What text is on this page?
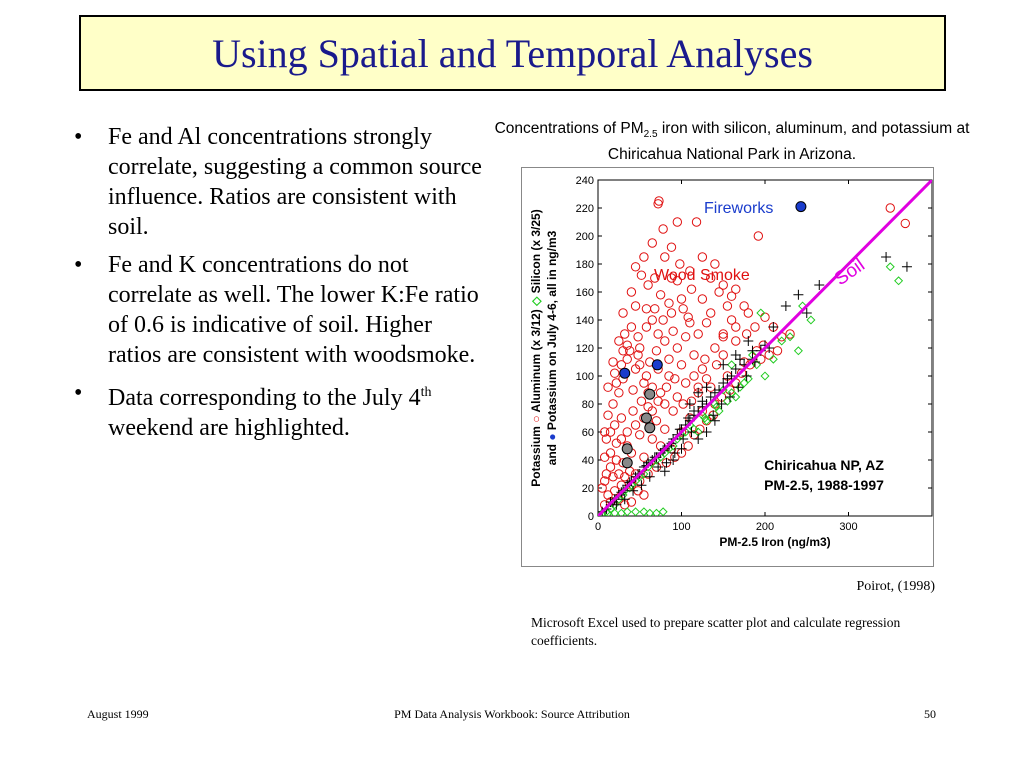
Using Spatial and Temporal Analyses
• Fe and Al concentrations strongly correlate, suggesting a common source influence. Ratios are consistent with soil.
• Fe and K concentrations do not correlate as well. The lower K:Fe ratio of 0.6 is indicative of soil. Higher ratios are consistent with woodsmoke.
• Data corresponding to the July 4th weekend are highlighted.
Concentrations of $PM_{2.5}$ iron with silicon, aluminum, and potassium at Chiricahua National Park in Arizona.
0
20
40
60
80
100
120
140
160
180
200
220
240
0	100	200	300
PM-2.5 Iron (ng/m3)
Fireworks
Wood Smoke	Soil
Chiricahua NP, AZ
PM-2.5, 1988-1997
Potassium ○ Aluminum (x 3/12) ◇ Silicon (x 3/25)
and ● Potassium on July 4-6, all in ng/m3
Poirot, (1998)
Microsoft Excel used to prepare scatter plot and calculate regression coefficients.
August 1999	PM Data Analysis Workbook: Source Attribution	50
